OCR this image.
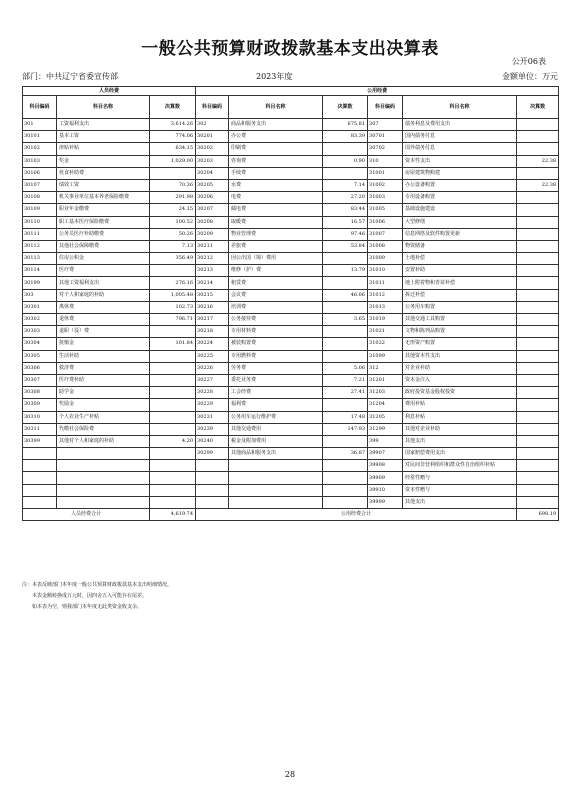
一般公共预算财政拨款基本支出决算表
公开06表
部门：中共辽宁省委宣传部	2023年度	金额单位：万元
人员经费			公用经费					
科目编码	科目名称	决算数	科目编码	科目名称	决算数	科目编码	科目名称	决算数
301	工资福利支出	3,614.26	302	商品和服务支出	675.81	307	债务利息及费用支出	
30101	基本工资	774.06	30201	办公费	83.39	30701	国内债务付息	
30102	津贴补贴	634.15	30202	印刷费		30702	国外债务付息	
30103	奖金	1,029.00	30203	咨询费	0.90	310	资本性支出	22.38
30106	伙食补助费		30204	手续费		31001	房屋建筑物购建	
30107	绩效工资	70.36	30205	水费	7.14	31002	办公设备购置	22.38
30108	机关事业单位基本养老保险缴费	291.98	30206	电费	27.20	31003	专用设备购置	
30109	职业年金缴费	24.15	30207	邮电费	83.44	31005	基础设施建设	
30110	职工基本医疗保险缴费	100.52	30208	取暖费	16.57	31006	大型修缮	
30111	公务员医疗补助缴费	50.26	30209	物业管理费	97.46	31007	信息网络及软件购置更新	
30112	其他社会保障缴费	7.13	30211	差旅费	53.84	31008	物资储备	
30113	住房公积金	356.49	30212	因公出国（境）费用		31009	土地补偿	
30114	医疗费		30213	维修（护）费	13.79	31010	安置补助	
30199	其他工资福利支出	276.16	30214	租赁费		31011	地上附着物和青苗补偿	
303	对个人和家庭的补助	1,005.48	30215	会议费	46.06	31012	拆迁补偿	
30301	离休费	102.73	30216	培训费		31013	公务用车购置	
30302	退休费	796.71	30217	公务接待费	3.65	31019	其他交通工具购置	
30303	退职（役）费		30218	专用材料费		31021	文物和陈列品购置	
30304	抚恤金	101.84	30224	被装购置费		31022	无形资产购置	
30305	生活补助		30225	专用燃料费		31099	其他资本性支出	
30306	救济费		30226	劳务费	5.06	312	对企业补助	
30307	医疗费补助		30227	委托业务费	7.21	31201	资本金注入	
30308	助学金		30228	工会经费	27.41	31203	政府投资基金股权投资	
30309	奖励金		30229	福利费		31204	费用补贴	
30310	个人农业生产补贴		30231	公务用车运行维护费	17.48	31205	利息补贴	
30311	代缴社会保险费		30239	其他交通费用	147.93	31299	其他对企业补助	
30399	其他对个人和家庭的补助	4.20	30240	税金及附加费用		399	其他支出	
			30299	其他商品和服务支出	36.87	39907	国家赔偿费用支出	
						39908	对民间非营利组织和群众性自治组织补贴	
						39909	经常性赠与	
						39910	资本性赠与	
						39999	其他支出	
人员经费合计		4,619.74	公用经费合计					698.19
注：本表反映部门本年度一般公共预算财政拨款基本支出明细情况。
本表金额转换成万元时，因四舍五入可能存在尾差。
如本表为空，则我部门本年度无此类资金收支余。
28
